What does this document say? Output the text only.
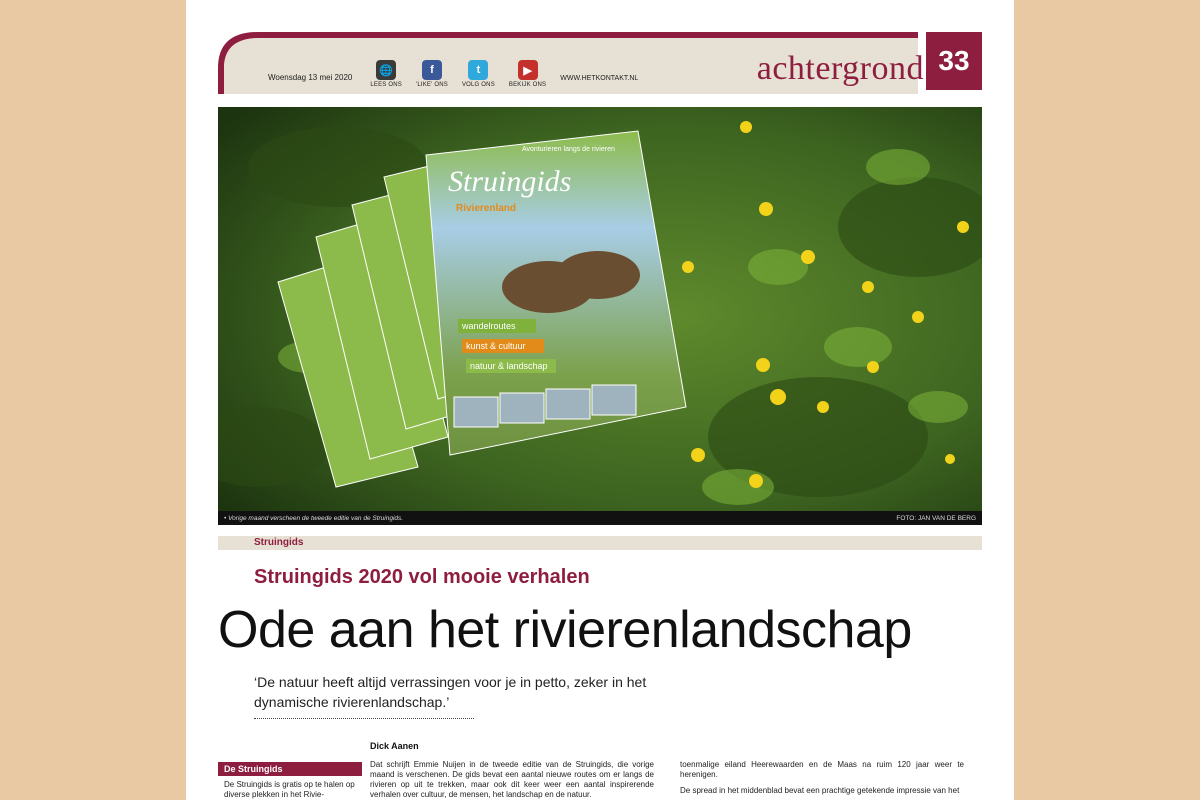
Woensdag 13 mei 2020
🌐
LEES ONS
f
'LIKE' ONS
t
VOLG ONS
▶
BEKIJK ONS
WWW.HETKONTAKT.NL	achtergrond 33
wandelroutes
kunst & cultuur
natuur & landschap
Avonturieren langs de rivieren
Struingids
Rivierenland
• Vorige maand verscheen de tweede editie van de Struingids.	FOTO: JAN VAN DE BERG
Struingids
Struingids 2020 vol mooie verhalen
Ode aan het rivierenlandschap
‘De natuur heeft altijd verrassingen voor je in petto, zeker in het dynamische rivierenlandschap.’
Dick Aanen
Dat schrijft Emmie Nuijen in de tweede editie van de Struingids, die vorige maand is verschenen. De gids bevat een aantal nieuwe routes om er langs de rivieren op uit te trekken, maar ook dit keer weer een aantal inspirerende verhalen over cultuur, de mensen, het landschap en de natuur.

toenmalige eiland Heerewaarden en de Maas na ruim 120 jaar weer te herenigen.

De spread in het middenblad bevat een prachtige getekende impressie van het

De Struingids
De Struingids is gratis op te halen op diverse plekken in het Rivie-
